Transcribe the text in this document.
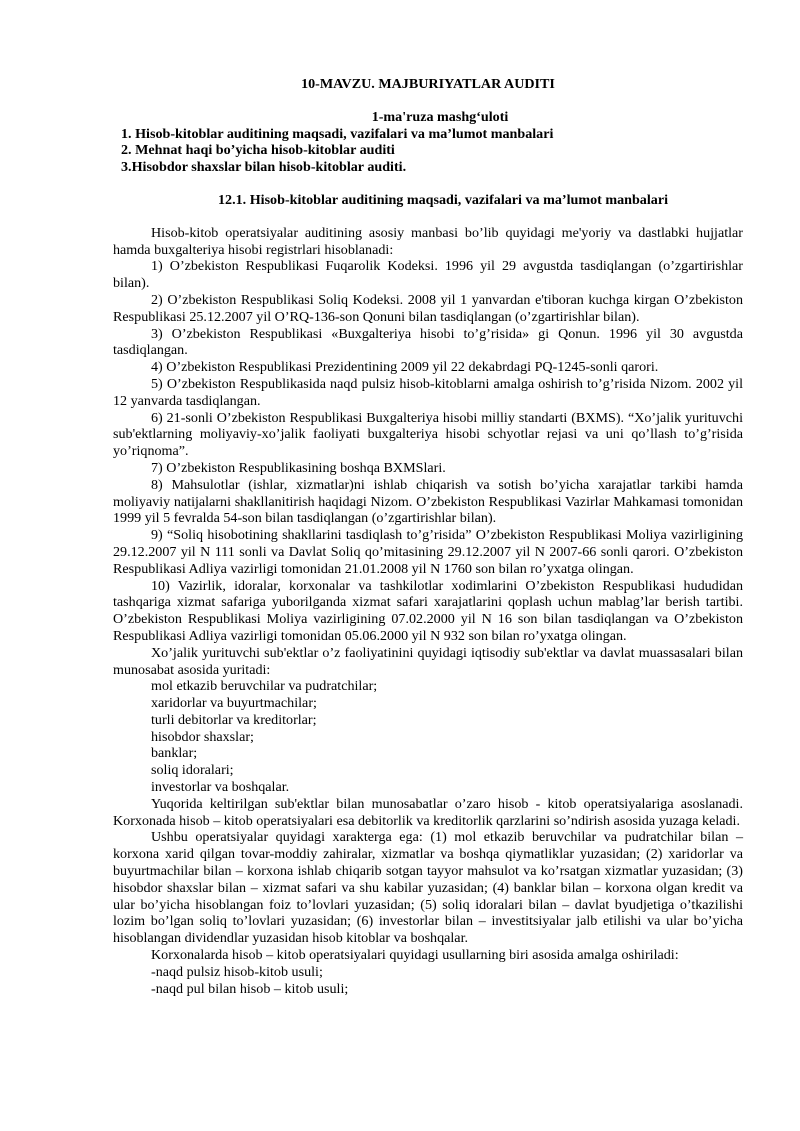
10-MAVZU. MAJBURIYATLAR AUDITI

1-ma'ruza mashg‘uloti

1. Hisob-kitoblar auditining maqsadi, vazifalari va ma’lumot manbalari

2. Mehnat haqi bo’yicha hisob-kitoblar auditi

3.Hisobdor shaxslar bilan hisob-kitoblar auditi.

12.1. Hisob-kitoblar auditining maqsadi, vazifalari va ma’lumot manbalari

Hisob-kitob operatsiyalar auditining asosiy manbasi bo’lib quyidagi me'yoriy va dastlabki hujjatlar hamda buxgalteriya hisobi registrlari hisoblanadi:

1) O’zbekiston Respublikasi Fuqarolik Kodeksi. 1996 yil 29 avgustda tasdiqlangan (o’zgartirishlar bilan).

2) O’zbekiston Respublikasi Soliq Kodeksi. 2008 yil 1 yanvardan e'tiboran kuchga kirgan O’zbekiston Respublikasi 25.12.2007 yil O’RQ-136-son Qonuni bilan tasdiqlangan (o’zgartirishlar bilan).

3) O’zbekiston Respublikasi «Buxgalteriya hisobi to’g’risida» gi Qonun. 1996 yil 30 avgustda tasdiqlangan.

4) O’zbekiston Respublikasi Prezidentining 2009 yil 22 dekabrdagi PQ-1245-sonli qarori.

5) O’zbekiston Respublikasida naqd pulsiz hisob-kitoblarni amalga oshirish to’g’risida Nizom. 2002 yil 12 yanvarda tasdiqlangan.

6) 21-sonli O’zbekiston Respublikasi Buxgalteriya hisobi milliy standarti (BXMS). “Xo’jalik yurituvchi sub'ektlarning moliyaviy-xo’jalik faoliyati buxgalteriya hisobi schyotlar rejasi va uni qo’llash to’g’risida yo’riqnoma”.

7) O’zbekiston Respublikasining boshqa BXMSlari.

8) Mahsulotlar (ishlar, xizmatlar)ni ishlab chiqarish va sotish bo’yicha xarajatlar tarkibi hamda moliyaviy natijalarni shakllanitirish haqidagi Nizom. O’zbekiston Respublikasi Vazirlar Mahkamasi tomonidan 1999 yil 5 fevralda 54-son bilan tasdiqlangan (o’zgartirishlar bilan).

9) “Soliq hisobotining shakllarini tasdiqlash to’g’risida” O’zbekiston Respublikasi Moliya vazirligining 29.12.2007 yil N 111 sonli va Davlat Soliq qo’mitasining 29.12.2007 yil N 2007-66 sonli qarori. O’zbekiston Respublikasi Adliya vazirligi tomonidan 21.01.2008 yil N 1760 son bilan ro’yxatga olingan.

10) Vazirlik, idoralar, korxonalar va tashkilotlar xodimlarini O’zbekiston Respublikasi hududidan tashqariga xizmat safariga yuborilganda xizmat safari xarajatlarini qoplash uchun mablag’lar berish tartibi. O’zbekiston Respublikasi Moliya vazirligining 07.02.2000 yil N 16 son bilan tasdiqlangan va O’zbekiston Respublikasi Adliya vazirligi tomonidan 05.06.2000 yil N 932 son bilan ro’yxatga olingan.

Xo’jalik yurituvchi sub'ektlar o’z faoliyatinini quyidagi iqtisodiy sub'ektlar va davlat muassasalari bilan munosabat asosida yuritadi:

mol etkazib beruvchilar va pudratchilar;

xaridorlar va buyurtmachilar;

turli debitorlar va kreditorlar;

hisobdor shaxslar;

banklar;

soliq idoralari;

investorlar va boshqalar.

Yuqorida keltirilgan sub'ektlar bilan munosabatlar o’zaro hisob - kitob operatsiyalariga asoslanadi. Korxonada hisob – kitob operatsiyalari esa debitorlik va kreditorlik qarzlarini so’ndirish asosida yuzaga keladi.

Ushbu operatsiyalar quyidagi xarakterga ega: (1) mol etkazib beruvchilar va pudratchilar bilan – korxona xarid qilgan tovar-moddiy zahiralar, xizmatlar va boshqa qiymatliklar yuzasidan; (2) xaridorlar va buyurtmachilar bilan – korxona ishlab chiqarib sotgan tayyor mahsulot va ko’rsatgan xizmatlar yuzasidan; (3) hisobdor shaxslar bilan – xizmat safari va shu kabilar yuzasidan; (4) banklar bilan – korxona olgan kredit va ular bo’yicha hisoblangan foiz to’lovlari yuzasidan; (5) soliq idoralari bilan – davlat byudjetiga o’tkazilishi lozim bo’lgan soliq to’lovlari yuzasidan; (6) investorlar bilan – investitsiyalar jalb etilishi va ular bo’yicha hisoblangan dividendlar yuzasidan hisob kitoblar va boshqalar.

Korxonalarda hisob – kitob operatsiyalari quyidagi usullarning biri asosida amalga oshiriladi:

-naqd pulsiz hisob-kitob usuli;

-naqd pul bilan hisob – kitob usuli;
